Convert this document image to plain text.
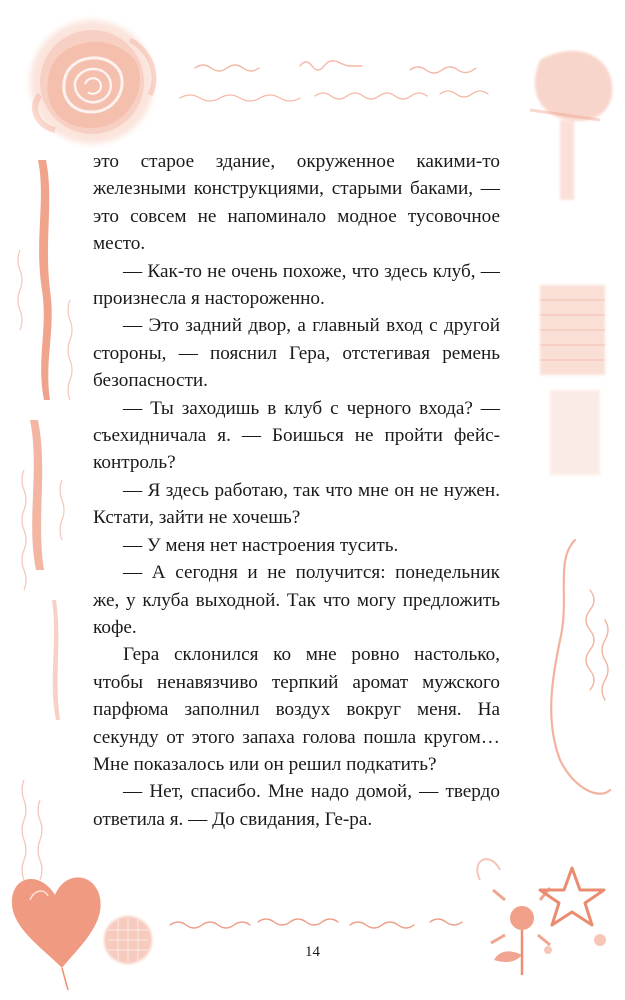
это старое здание, окруженное какими-то железными конструкциями, старыми баками, — это совсем не напоминало модное тусовочное место.

— Как-то не очень похоже, что здесь клуб, — произнесла я настороженно.

— Это задний двор, а главный вход с другой стороны, — пояснил Гера, отстегивая ремень безопасности.

— Ты заходишь в клуб с черного входа? — съехидничала я. — Боишься не пройти фейс-контроль?

— Я здесь работаю, так что мне он не нужен. Кстати, зайти не хочешь?

— У меня нет настроения тусить.

— А сегодня и не получится: понедельник же, у клуба выходной. Так что могу предложить кофе.

Гера склонился ко мне ровно настолько, чтобы ненавязчиво терпкий аромат мужского парфюма заполнил воздух вокруг меня. На секунду от этого запаха голова пошла кругом… Мне показалось или он решил подкатить?

— Нет, спасибо. Мне надо домой, — твердо ответила я. — До свидания, Ге-ра.

14
